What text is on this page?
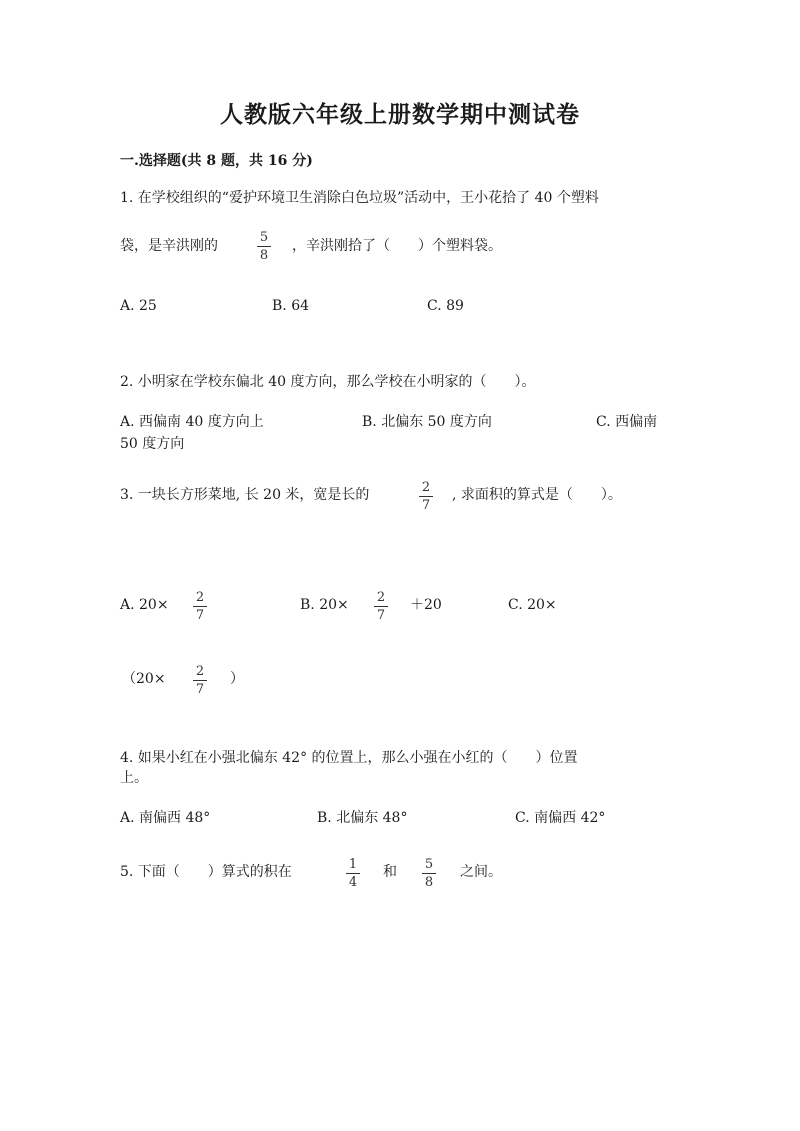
人教版六年级上册数学期中测试卷
一.选择题(共 8 题，共 16 分)
1. 在学校组织的“爱护环境卫生消除白色垃圾”活动中，王小花拾了 40 个塑料
袋，是辛洪刚的
5
8
，辛洪刚拾了（　　）个塑料袋。
A. 25	B. 64	C. 89
2. 小明家在学校东偏北 40 度方向，那么学校在小明家的（　　）。
A. 西偏南 40 度方向上	B. 北偏东 50 度方向	C. 西偏南
50 度方向
3. 一块长方形菜地, 长 20 米，宽是长的	2
7
, 求面积的算式是（　　）。
A. 20×	2
7
B. 20×	2
7
＋20	C. 20×
（20×	2
7
）
4. 如果小红在小强北偏东 42° 的位置上，那么小强在小红的（　　）位置
上。
A. 南偏西 48°	B. 北偏东 48°	C. 南偏西 42°
5. 下面（　　）算式的积在	1
4
和	5
8
之间。
